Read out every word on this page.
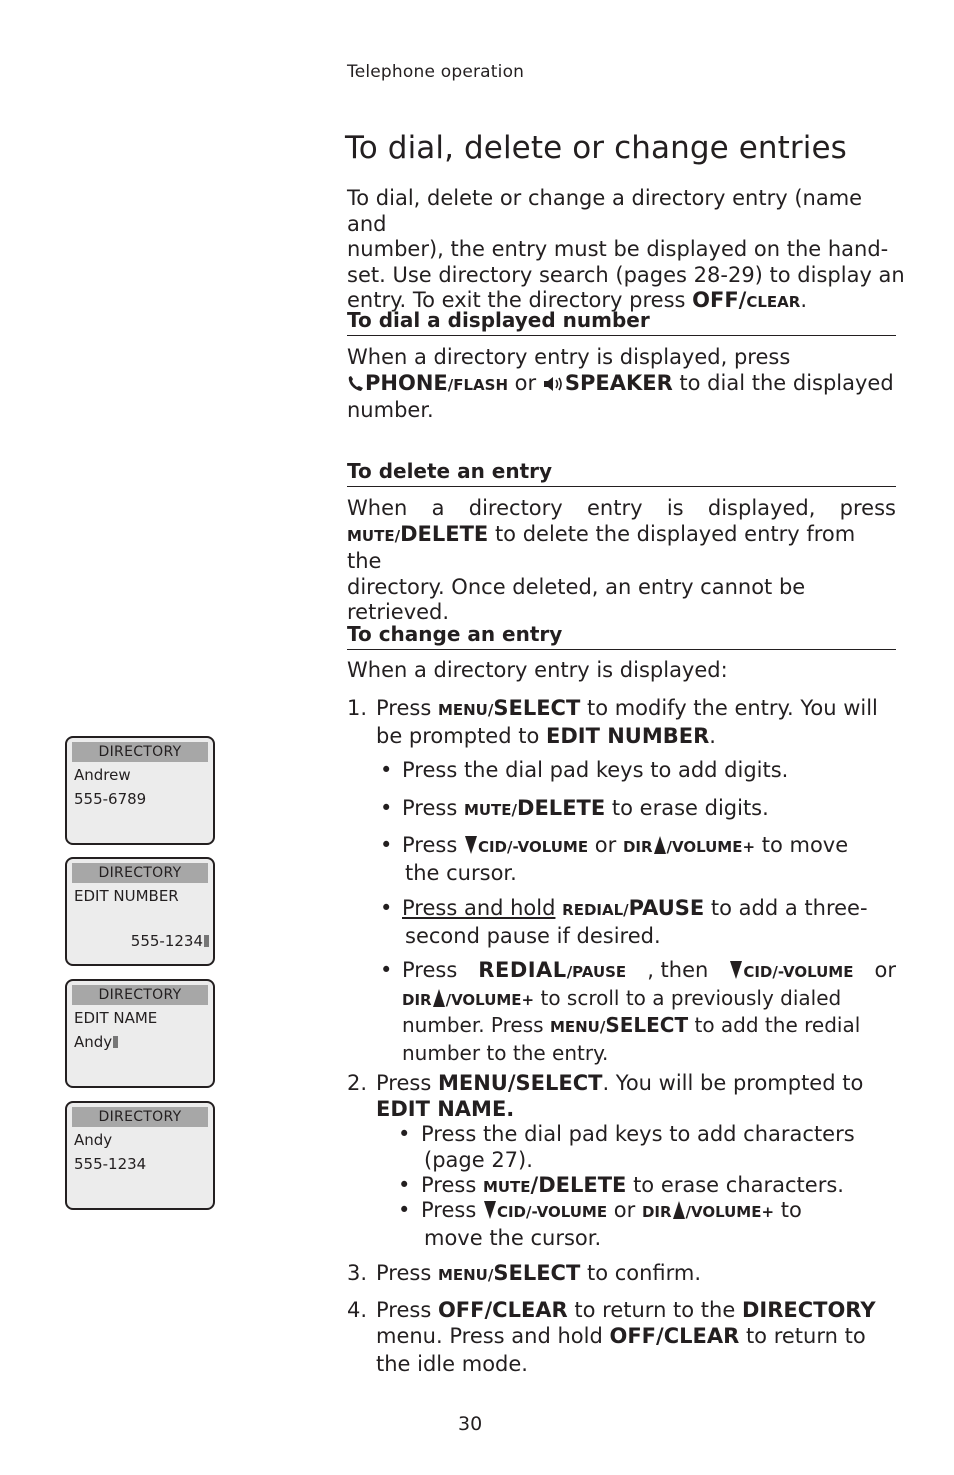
Telephone operation
To dial, delete or change entries
To dial, delete or change a directory entry (name and
number), the entry must be displayed on the hand-
set. Use directory search (pages 28-29) to display an
entry. To exit the directory press OFF/CLEAR.
To dial a displayed number
When a directory entry is displayed, press
PHONE/FLASH or SPEAKER to dial the displayed
number.
To delete an entry
When a directory entry is displayed, press
MUTE/DELETE to delete the displayed entry from the
directory. Once deleted, an entry cannot be retrieved.
To change an entry
When a directory entry is displayed:
1. Press MENU/SELECT to modify the entry. You will
be prompted to EDIT NUMBER.
• Press the dial pad keys to add digits.
• Press MUTE/DELETE to erase digits.
• Press CID/-VOLUME or DIR /VOLUME+ to move
the cursor.
• Press and hold REDIAL/PAUSE to add a three-
second pause if desired.
• Press REDIAL/PAUSE , then	CID/-VOLUME or
DIR /VOLUME+ to scroll to a previously dialed
number. Press MENU/SELECT to add the redial
number to the entry.
2. Press MENU/SELECT. You will be prompted to
EDIT NAME.
• Press the dial pad keys to add characters
(page 27).
• Press MUTE/DELETE to erase characters.
• Press CID/-VOLUME or DIR /VOLUME+ to
move the cursor.
3. Press MENU/SELECT to confirm.
4. Press OFF/CLEAR to return to the DIRECTORY
menu. Press and hold OFF/CLEAR to return to
the idle mode.
DIRECTORY
Andrew
555-6789
DIRECTORY
EDIT NUMBER
555-1234
DIRECTORY
EDIT NAME
Andy
DIRECTORY
Andy
555-1234
30
